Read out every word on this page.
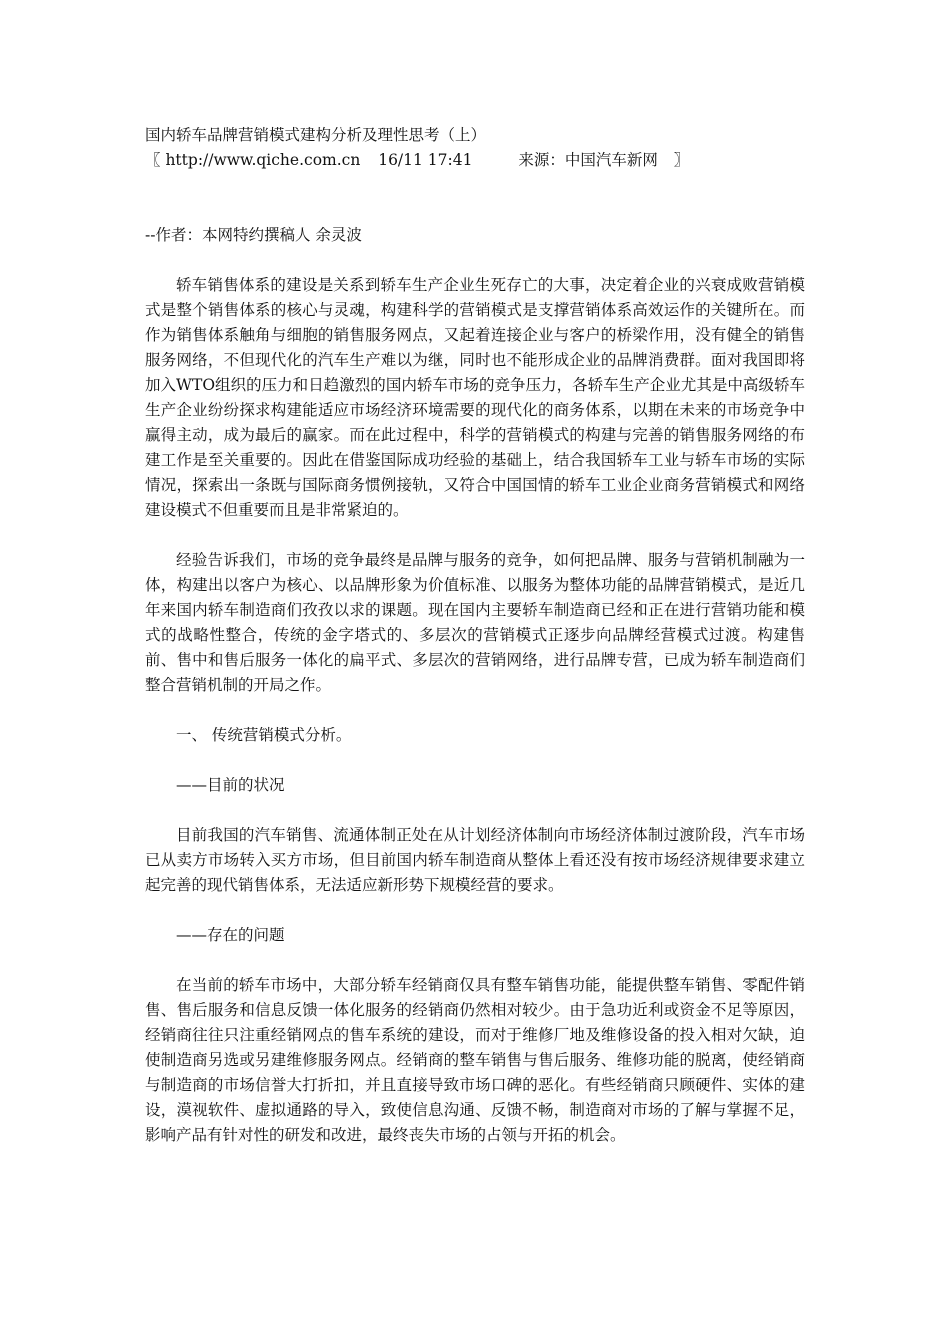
国内轿车品牌营销模式建构分析及理性思考（上）

〖 http://www.qiche.com.cn 16/11 17:41	来源：中国汽车新网 〗

--作者：本网特约撰稿人 余灵波

轿车销售体系的建设是关系到轿车生产企业生死存亡的大事，决定着企业的兴衰成败营销模式是整个销售体系的核心与灵魂，构建科学的营销模式是支撑营销体系高效运作的关键所在。而作为销售体系触角与细胞的销售服务网点，又起着连接企业与客户的桥梁作用，没有健全的销售服务网络，不但现代化的汽车生产难以为继，同时也不能形成企业的品牌消费群。面对我国即将加入WTO组织的压力和日趋激烈的国内轿车市场的竞争压力，各轿车生产企业尤其是中高级轿车生产企业纷纷探求构建能适应市场经济环境需要的现代化的商务体系，以期在未来的市场竞争中赢得主动，成为最后的赢家。而在此过程中，科学的营销模式的构建与完善的销售服务网络的布建工作是至关重要的。因此在借鉴国际成功经验的基础上，结合我国轿车工业与轿车市场的实际情况，探索出一条既与国际商务惯例接轨，又符合中国国情的轿车工业企业商务营销模式和网络建设模式不但重要而且是非常紧迫的。

经验告诉我们，市场的竞争最终是品牌与服务的竞争，如何把品牌、服务与营销机制融为一体，构建出以客户为核心、以品牌形象为价值标准、以服务为整体功能的品牌营销模式，是近几年来国内轿车制造商们孜孜以求的课题。现在国内主要轿车制造商已经和正在进行营销功能和模式的战略性整合，传统的金字塔式的、多层次的营销模式正逐步向品牌经营模式过渡。构建售前、售中和售后服务一体化的扁平式、多层次的营销网络，进行品牌专营，已成为轿车制造商们整合营销机制的开局之作。

一、 传统营销模式分析。

——目前的状况

目前我国的汽车销售、流通体制正处在从计划经济体制向市场经济体制过渡阶段，汽车市场已从卖方市场转入买方市场，但目前国内轿车制造商从整体上看还没有按市场经济规律要求建立起完善的现代销售体系，无法适应新形势下规模经营的要求。

——存在的问题

在当前的轿车市场中，大部分轿车经销商仅具有整车销售功能，能提供整车销售、零配件销售、售后服务和信息反馈一体化服务的经销商仍然相对较少。由于急功近利或资金不足等原因，经销商往往只注重经销网点的售车系统的建设，而对于维修厂地及维修设备的投入相对欠缺，迫使制造商另选或另建维修服务网点。经销商的整车销售与售后服务、维修功能的脱离，使经销商与制造商的市场信誉大打折扣，并且直接导致市场口碑的恶化。有些经销商只顾硬件、实体的建设，漠视软件、虚拟通路的导入，致使信息沟通、反馈不畅，制造商对市场的了解与掌握不足，影响产品有针对性的研发和改进，最终丧失市场的占领与开拓的机会。
